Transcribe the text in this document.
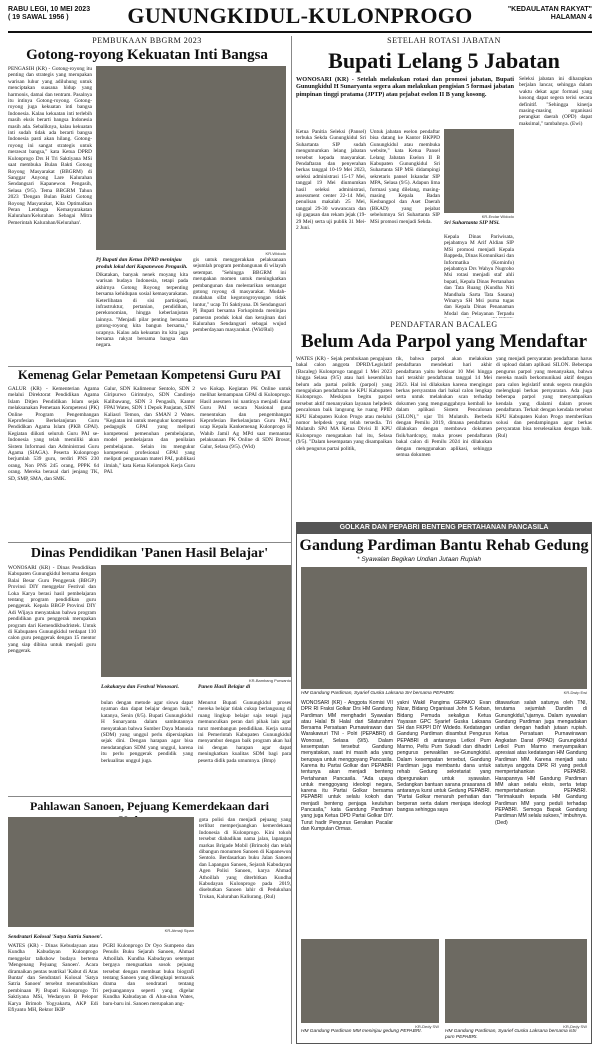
RABU LEGI, 10 MEI 2023
( 19 SAWAL 1956 )	GUNUNGKIDUL-KULONPROGO	"KEDAULATAN RAKYAT"
HALAMAN 4
PEMBUKAAN BBGRM 2023
Gotong-royong Kekuatan Inti Bangsa

PENGASIH (KR) - Gotong-royong itu penting dan strategis yang merupakan warisan luhur yang adiluhung untuk menciptakan suasana hidup yang harmonis, damai dan tentram. Pasalnya itu intinya Gotong-royong. Gotong-royong juga kekuatan inti bangsa Indonesia. Kalau kekuatan inti terlebih masih eksis berarti bangsa Indonesia masih ada. Sebaliknya, kalau kekuatan inti sudah tidak ada berarti bangsa Indonesia pasti akan hilang. Gotong-royong ini sangat strategis untuk merawat bangsa," kata Ketua DPRD Kulonprogo Drs H Tri Saktiyana MSi saat membuka Bulan Bakti Gotong Royong Masyarakat (BBGRM) di Sanggar Anyong Lare Kalurahan Sendangsari Kapanewon Pengasih, Selasa (9/5). Tema BBGRM Tahun 2023 'Dengan Bulan Bakti Gotong Royong Masyarakat, Kita Optimalkan Peran Lembaga Kemasyarakatan Kalurahan/Kelurahan Sebagai Mitra Pemerintah Kalurahan/Kelurahan'.

KR-Widodo
Pj Bupati dan Ketua DPRD meninjau produk lokal dari Kapanewon Pengasih.

Dikatakan, banyak nenek moyang kita warisan budaya Indonesia, tetapi pada akhirnya Gotong Royong terpenting bersama kehidupan sosial kemasyarakatan. Keterlibatan di sisi partisipasi, infrastruktur, pertanian, pendidikan, perekonomian, hingga keberlanjutan lainnya. "Menjadi pilar penting bersama gotong-royong kita bangun bersama," ucapnya. Kalau ada kekuatan itu kita jaga bersama rakyat bersama bangsa dan negara.

gis untuk menggerakkan pelaksanaan sejumlah program pembangunan di wilayah setempat. "Sehingga BBGRM ini merupakan momen untuk meningkatkan pembangunan dan melestarikan semangat gotong royong di masyarakat. Mudah-mudahan sifat kegotongroyongan tidak luntur," ucap Tri Saktiyana. Di Sendangsari Pj Bupati bersama Forkopimda meninjau pameran produk lokal dan kerajinan dari Kalurahan Sendangsari sebagai wujud pemberdayaan masyarakat. (Wid/Rul)

SETELAH ROTASI JABATAN
Bupati Lelang 5 Jabatan

WONOSARI (KR) - Setelah melakukan rotasi dan promosi jabatan, Bupati Gunungkidul H Sunaryanta segera akan melakukan pengisian 5 formasi jabatan pimpinan tinggi pratama (JPTP) atau pejabat eselon II B yang kosong.

Ketua Panitia Seleksi (Pansel) terbuka Sekda Gunungkidul Sri Suhartanta SIP sudah mengumumkan lelang jabatan tersebut kepada masyarakat. Pendaftaran dan penyerahan berkas tanggal 10-19 Mei 2023, seleksi administrasi 15-17 Mei, tanggal 19 Mei diumumkan hasil seleksi administrasi, assessment center 22-14 Mei, penulisan makalah 25 Mei, tanggal 29-30 wawancara dan uji gagasan dan rekam jejak (19-29 Mei) serta uji publik 31 Mei- 2 Juni.

Untuk jabatan eselon pendaftar bisa datang ke Kantor BKPPD Gunungkidul atau membuka website," kata Ketua Pansel Lelang Jabatan Eselon II B Kabupaten Gunungkidul Sri Suhartanta SIP MSi didampingi sekretaris pansel Iskandar SIP MPA, Selasa (9/5). Adapun lima formasi yang dilelang, masing-masing Kepala Badan Kesbangpol dan Aset Daerah (BKAD) yang pejabat sebelumnya Sri Suhartanta SIP MSi promosi menjadi Sekda.

KR-Endar Widodo
Sri Suhartanta SIP MSi.

Kepala Dinas Pariwisata, pejabatnya M Arif Aldian SIP MSi promosi menjadi Kepala Bappeda, Dinas Komunikasi dan Informatika (Kominfo) pejabatnya Drs Wahyu Nugroho Msi rotasi menjadi staf ahli bupati, Kepala Dinas Pertanahan dan Tata Ruang (Kundha Niti Mandhala Sarta Tata Sasana) Winarya SH Msi purna tugas dan Kepala Dinas Penanaman Modal dan Pelayanan Terpadu

Seleksi jabatan ini diharapkan berjalan lancar, sehingga dalam waktu dekat agar formasi yang kosong dapat segera terisi secara definitif. "Sehingga kinerja masing-masing organisasi perangkat daerah (OPD) dapat maksimal," tambahnya. (Ewi)

PENDAFTARAN BACALEG
Belum Ada Parpol yang Mendaftar

WATES (KR) - Sejak pembukaan pengajuan bakal calon anggota DPRD/Legislatif (Bacaleg) Kulonprogo tanggal 1 Mei 2023 hingga Selasa (9/5) atau hari kesembilan belum ada partai politik (parpol) yang mengajukan pendaftaran ke KPU Kabupaten Kulonprogo. Meskipun begitu parpol tersebut aktif menanyakan layanan helpdesk pencalonan baik langsung ke ruang PPID KPU Kabupaten Kulon Progo atau melalui nomor helpdesk yang telah tersedia. Tri Mulatsih SPd MA Ketua Divisi II KPU Kulonprogo mengatakan hal itu, Selasa (9/5). "Dalam kesempatan yang disampaikan oleh pengurus partai politik,

tik, bahwa parpol akan melakukan pendaftaran mendekati hari akhir pendaftaran yaitu berkisar 10 Mei hingga hari terakhir pendaftaran tanggal 14 Mei 2023. Hal ini dilakukan karena mengingat berkas persyaratan dari bakal calon lengkap serta untuk melakukan scan terhadap dokumen yang mengunggahnya kembali ke dalam aplikasi Sistem Pencalonan (SILON)," ujar Tri Mulatsih. Berbeda dengan Pemilu 2019, dimana pendaftaran dilakukan dengan membawa dokumen fisik/hardcopy, maka proses pendaftaran bakal calon di Pemilu 2024 ini dilakukan dengan menggunakan aplikasi, sehingga semua dokumen

yang menjadi persyaratan pendaftaran harus di upload dalam aplikasi SILON. Beberapa pengurus parpol yang menanyakan, bahwa mereka masih berkomunikasi aktif dengan para calon legislatif untuk segera mungkin melengkapi berkas persyaratan. Ada juga beberapa parpol yang menyampaikan kendala yang dialami dalam proses pendaftaran. Terkait dengan kendala tersebut KPU Kabupaten Kulon Progo memberikan solusi dan pendampingan agar berkas persyaratan bisa terselesaikan dengan baik. (Rul)

Kemenag Gelar Pemetaan Kompetensi Guru PAI

GALUR (KR) - Kementerian Agama melalui Direktorat Pendidikan Agama Islam Ditjen Pendidikan Islam sejak melaksanakan Pemetaan Kompetensi (PK) Online Program Pengembangan Keprofesian Berkelanjutan Guru Pendidikan Agama Islam (PKB GPAI). Kegiatan diikuti seluruh Guru PAI se-Indonesia yang telah memiliki akun Sistem Informasi dan Administrasi Guru Agama (SIAGA). Peserta Kulonprogo berjumlah 539 guru, terdiri PNS 230 orang, Non PNS 245 orang, PPPK 64 orang. Mereka berasal dari jenjang TK, SD, SMP, SMA, dan SMK.

Galur, SDN Kalimenur Sentolo, SDN 2 Giripurwo Girimulyo, SDN Candirejo Kalibawang, SDN 3 Pengasih, Kantor FPAI Wates, SDN 1 Depok Panjatan, SDN Kaliasri Temon, dan SMAN 2 Wates. "Kegiatan ini untuk mengukur kompetensi pedagogik GPAI yang meliputi kompetensi pemenuhan pembelajaran, model pembelajaran dan penilaian pembelajaran. Selain itu mengukur kompetensi profesional GPAI yang meliputi penguasaan materi PAI, publikasi ilmiah," kata Ketua Kelompok Kerja Guru PAI.

wo Kokap. Kegiatan PK Online untuk melihat kemampuan GPAI di Kulonprogo. Hasil asesmen ini nantinya menjadi dasar Guru PAI secara Nasional guna menentukan dan pengembangan Keprofesian Berkelanjutan Guru PAI," ucap Kepala Kankemenag Kulonprogo H Wahib Jamil Ag MPd saat memantau pelaksanaan PK Online di SDN Brosot, Galur, Selasa (9/5). (Wid)

Dinas Pendidikan 'Panen Hasil Belajar'

WONOSARI (KR) - Dinas Pendidikan Kabupaten Gunungkidul bersama dengan Balai Besar Guru Penggerak (BBGP) Provinsi DIY menggelar Festival dan Loka Karya berasi hasil pembelajaran tentang program pendidikan guru penggerak. Kepala BBGP Provinsi DIY Adi Wijaya menyatakan bahwa program pendidikan guru penggerak merupakan program dari Kemendikbudristek. Untuk di Kabupaten Gunungkidul terdapat 110 calon guru penggerak dengan 15 mentor yang siap dibina untuk menjadi guru penggerak.

KR-Bambang Purwanto
Lokakarya dan Festival Wonosari.	Panen Hasil Belajar di

bulan dengan metode agar siswa dapat nyaman dan dapat belajar dengan baik," katanya, Senin (8/5). Bupati Gunungkidul H Sunaryanta dalam sambutannya menyatakan bahwa Sumber Daya Manusia (SDM) yang unggul perlu dipersiapkan sejak dini. Dengan harapan agar bisa mendatangkan SDM yang unggul, karena itu perlu penggerak pendidik yang berkualitas unggul juga.

Menurut Bupati Gunungkidul proses mereka belajar tidak cukup berlangsung di ruang lingkup belajar saja tetapi juga memunculkan peran dari pihak lain agar turut membangun pendidikan. Kerja sama ini Pemerintah Kabupaten Gunungkidul menyambut dengan baik program akan hal ini dengan harapan agar dapat meningkatkan kualitas SDM bagi para peserta didik pada umumnya. (Bmp)

Pahlawan Sanoen, Pejuang Kemerdekaan dari
KR-Atmaji Sipan
Sendratari Kolosal 'Satya Satria Sanoen'.

WATES (KR) - Dinas Kebudayaan atau Kundha Kabudayan Kulonprogo menggelar talkshow budaya bertema 'Mengenang Pejuang Sanoen'. Acara diramaikan pentas teatrikal 'Kabut di Atas Buntar' dan Sendratari Kolosal 'Satya Satria Sanoen' tersebut menumbuhkan pembinaan Pj Bupati Kulonprogo Tri Saktiyana MSi, Wedanyon B Pelopor Karya Brimob Yogyakarta, AKP Edi Efiyanto MH, Rektor IKIP

PGRI Kulonprogo Dr Oyo Sumpeno dan Penulis Buku Sejarah Sanoen, Ahmad Athoillah. Kundha Kabudayan setempat bergaya menguatkan sosok pejuang tersebut dengan membuat buku biografi tentang Sanoen yang dilengkapi termasuk drama dan sendratari tentang perjuangannya seperti yang digelar Kundha Kabudayan di Alun-alun Wates, baru-baru ini. Sanoen merupakan ang-

gota polisi dan menjadi pejuang yang terlibat memperjuangkan kemerdekaan Indonesia di Kulonprogo. Kini tokoh tersebut diabadikan nama jalan, lapangan markas Brigade Mobil (Brimob) dan telah dibangun monumen Sanoen di Kapanewon Sentolo. Berdasarkan buku Jalan Sanoen dan Lapangan Sanoen, Sejarah Kabudayan Agen Polisi Sanoen, karya Ahmad Athoillah yang diterbitkan Kundha Kabudayan Kulonprogo pada 2019, disebutkan Sanoen lahir di Pedukuhan Trukan, Kalurahan Kaliurang. (Rul)

GOLKAR DAN PEPABRI BENTENG PERTAHANAN PANCASILA
Gandung Pardiman Bantu Rehab Gedung
* Syawalan Begikan Undian Jutaan Rupiah
KR-Dwip Ewi
HM Gandung Pardiman, Syarief Guska Laksana SH bersama PEPABRI.

WONOSARI (KR) - Anggota Komisi VII DPR RI Fraksi Golkar Drs HM Gandung Pardiman MM menghadiri Syawalan atau Halal Bi Halal dari Silaturahmi Bersama Persatuan Purnawirawan dan Warakawuri TNI - Polri (PEPABRI) di Wonosari, Selasa (9/5). Dalam kesempatan tersebut Gandung menyatakan, saat ini masih ada yang berupaya untuk menggoyang Pancasila. Karena itu Partai Golkar dan PEPABRI tentunya akan menjadi benteng Pertahanan Pancasila. "Ada upaya untuk menggoyang ideologi negara, karena itu Partai Golkar bersama PEPABRI untuk selalu kokoh dan menjadi benteng penjaga keutuhan Pancasila," kata Gandung Pardiman yang juga Ketua DPD Partai Golkar DIY. Turut hadir Pengurus Gerakan Pacalar dan Kumpulan Ormas.

yakni Wakil Pangima GEPAKO Evan Nizar, Bidang Organisasi John S Keban, Bidang Pemuda sekaligus Ketua Yayasan GPC Syarief Guska Laksana SH dan FKPPI DIY Widedo. Kedatangan Gandung Pardiman disambut Pengurus PEPABRI di antaranya Letkol Purn Marmo, Peltu Purn Sukadi dan dihadiri pengurus perwakilan se-Gunungkidul. Dalam kesempatan tersebut, Gandung Pardiman juga membantu dana untuk rehab Gedung sekretariat yang dipergunakan untuk syawalan. Sedangkan bantuan sarana prasarana di antaranya kursi untuk Gedung PEPABRI. "Partai Golkar menaruh perhatian dan berperan serta dalam menjaga ideologi bangsa sehingga saya

ditawarkan salah satunya oleh TNI, terutama sejumlah Dandim di Gunungkidul,"ujarnya. Dalam syawalan Gandung Pardiman juga mengadakan undian dengan hadiah jutaan rupiah. Ketua Persatuan Purnawirawan Angkatan Darat (PPAD) Gunungkidul Letkol Purn Marmo menyampaikan apresiasi atas kedatangan HM Gandung Pardiman MM. Karena menjadi satu satunya anggota DPR RI yang peduli mempertahankan PEPABRI. Harapannya HM Gandung Pardiman MM akan selalu eksis, serta tetap mempertahankan PEPABRI. "Terimakasih kepada HM Gandung Pardiman MM yang peduli terhadap PEPABRI. Semoga Bapak Gandung Pardiman MM selalu sukses," imbuhnya. (Ded)

KR-Dedy SW
HM Gandung Pardiman MM meninjau gedung PEPABRI.
KR-Dedy SW
HM Gandung Pardiman, Syarief Guska Laksana bersama istri purn PEPABRI.
